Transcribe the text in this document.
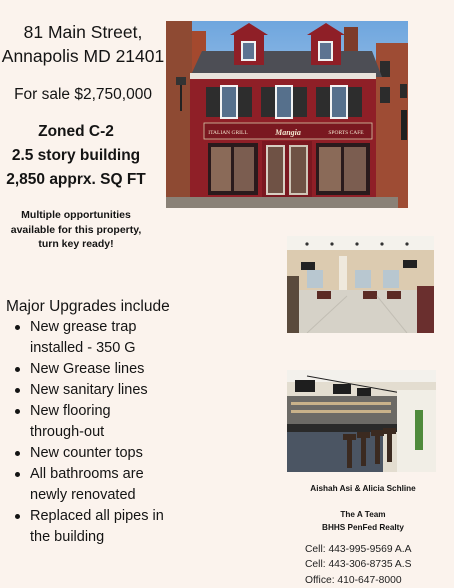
81 Main Street,
Annapolis MD 21401
For sale $2,750,000
Zoned C-2
2.5 story building
2,850 apprx. SQ FT
Multiple opportunities
available for this property,
turn key ready!
Major Upgrades include
New grease trap
installed - 350 G
New Grease lines
New sanitary lines
New flooring
through-out
New counter tops
All bathrooms are
newly renovated
Replaced all pipes in
the building
ITALIAN GRILL	Mangia	SPORTS CAFE
Aishah Asi & Alicia Schline
The A Team
BHHS PenFed Realty
Cell: 443-995-9569 A.A
Cell: 443-306-8735 A.S
Office: 410-647-8000
